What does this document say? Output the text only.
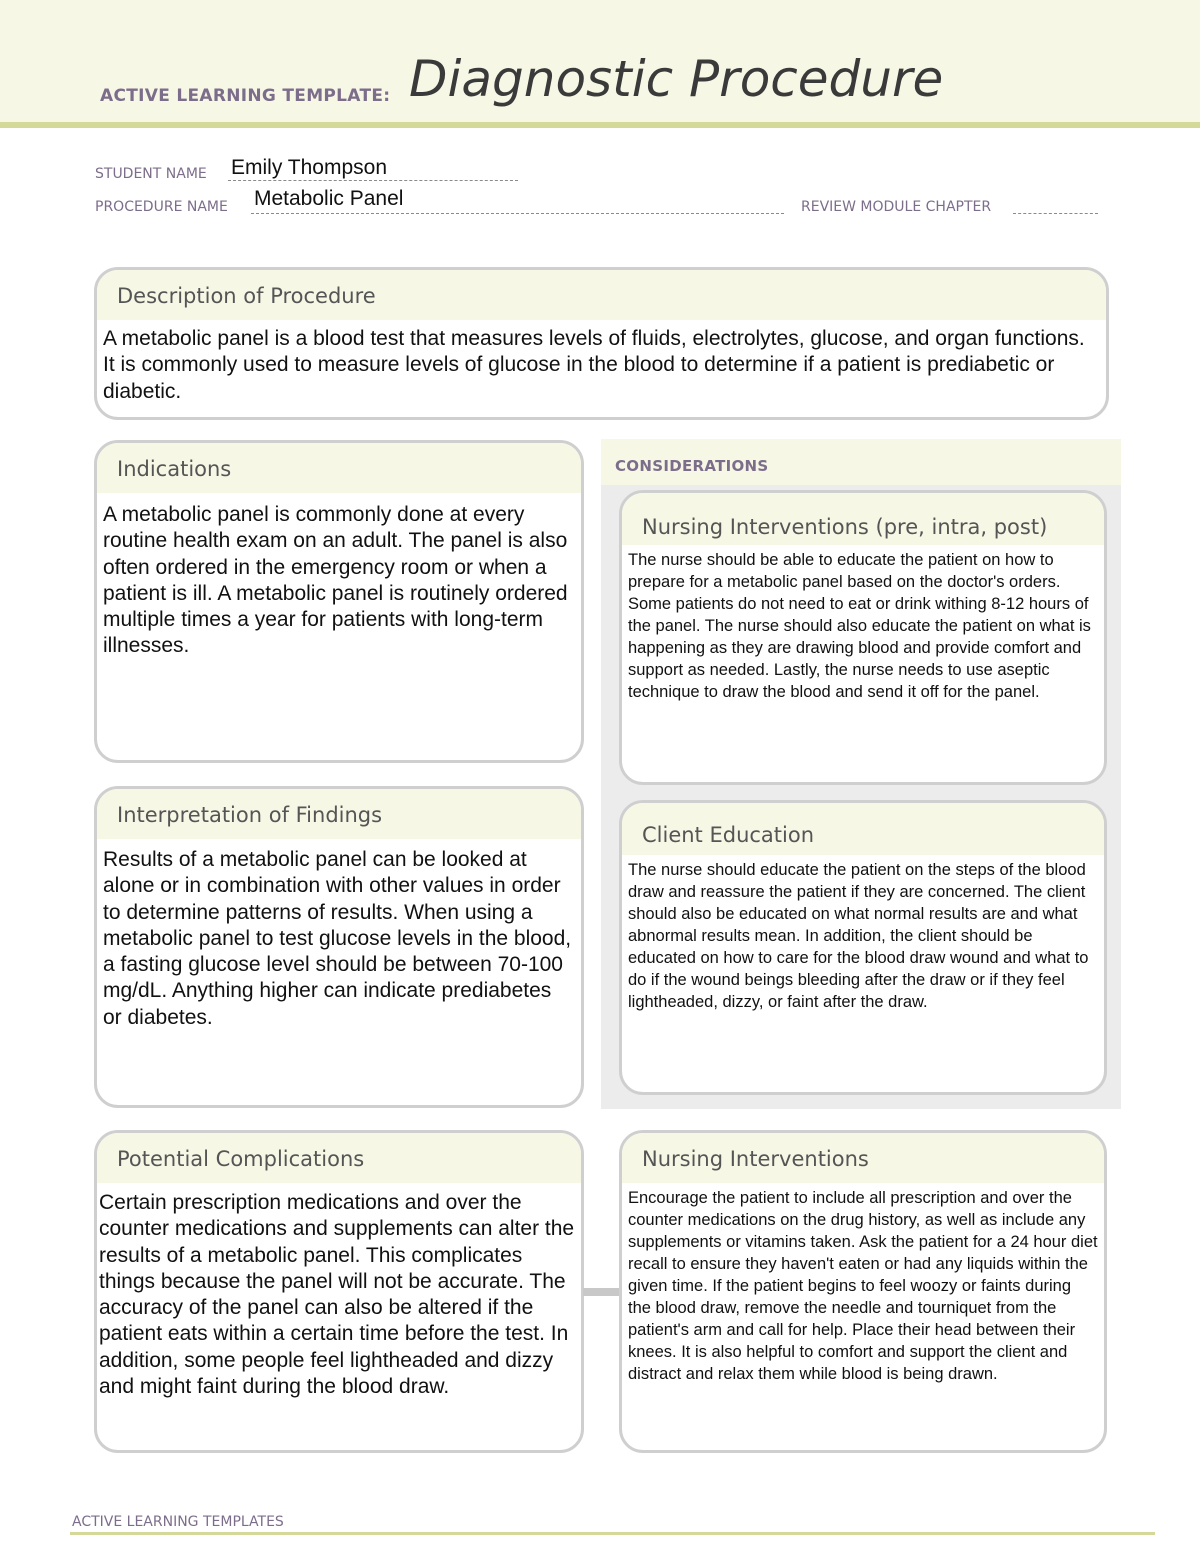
ACTIVE LEARNING TEMPLATE: Diagnostic Procedure
STUDENT NAME Emily Thompson
PROCEDURE NAME Metabolic Panel	REVIEW MODULE CHAPTER
Description of Procedure
A metabolic panel is a blood test that measures levels of fluids, electrolytes, glucose, and organ functions. It is commonly used to measure levels of glucose in the blood to determine if a patient is prediabetic or diabetic.
Indications
A metabolic panel is commonly done at every routine health exam on an adult. The panel is also often ordered in the emergency room or when a patient is ill. A metabolic panel is routinely ordered multiple times a year for patients with long-term illnesses.
Interpretation of Findings
Results of a metabolic panel can be looked at alone or in combination with other values in order to determine patterns of results. When using a metabolic panel to test glucose levels in the blood, a fasting glucose level should be between 70-100 mg/dL. Anything higher can indicate prediabetes or diabetes.
CONSIDERATIONS
Nursing Interventions (pre, intra, post)
The nurse should be able to educate the patient on how to prepare for a metabolic panel based on the doctor's orders. Some patients do not need to eat or drink withing 8-12 hours of the panel. The nurse should also educate the patient on what is happening as they are drawing blood and provide comfort and support as needed. Lastly, the nurse needs to use aseptic technique to draw the blood and send it off for the panel.
Client Education
The nurse should educate the patient on the steps of the blood draw and reassure the patient if they are concerned. The client should also be educated on what normal results are and what abnormal results mean. In addition, the client should be educated on how to care for the blood draw wound and what to do if the wound beings bleeding after the draw or if they feel lightheaded, dizzy, or faint after the draw.
Potential Complications
Certain prescription medications and over the counter medications and supplements can alter the results of a metabolic panel. This complicates things because the panel will not be accurate. The accuracy of the panel can also be altered if the patient eats within a certain time before the test. In addition, some people feel lightheaded and dizzy and might faint during the blood draw.
Nursing Interventions
Encourage the patient to include all prescription and over the counter medications on the drug history, as well as include any supplements or vitamins taken. Ask the patient for a 24 hour diet recall to ensure they haven't eaten or had any liquids within the given time. If the patient begins to feel woozy or faints during the blood draw, remove the needle and tourniquet from the patient's arm and call for help. Place their head between their knees. It is also helpful to comfort and support the client and distract and relax them while blood is being drawn.
ACTIVE LEARNING TEMPLATES
